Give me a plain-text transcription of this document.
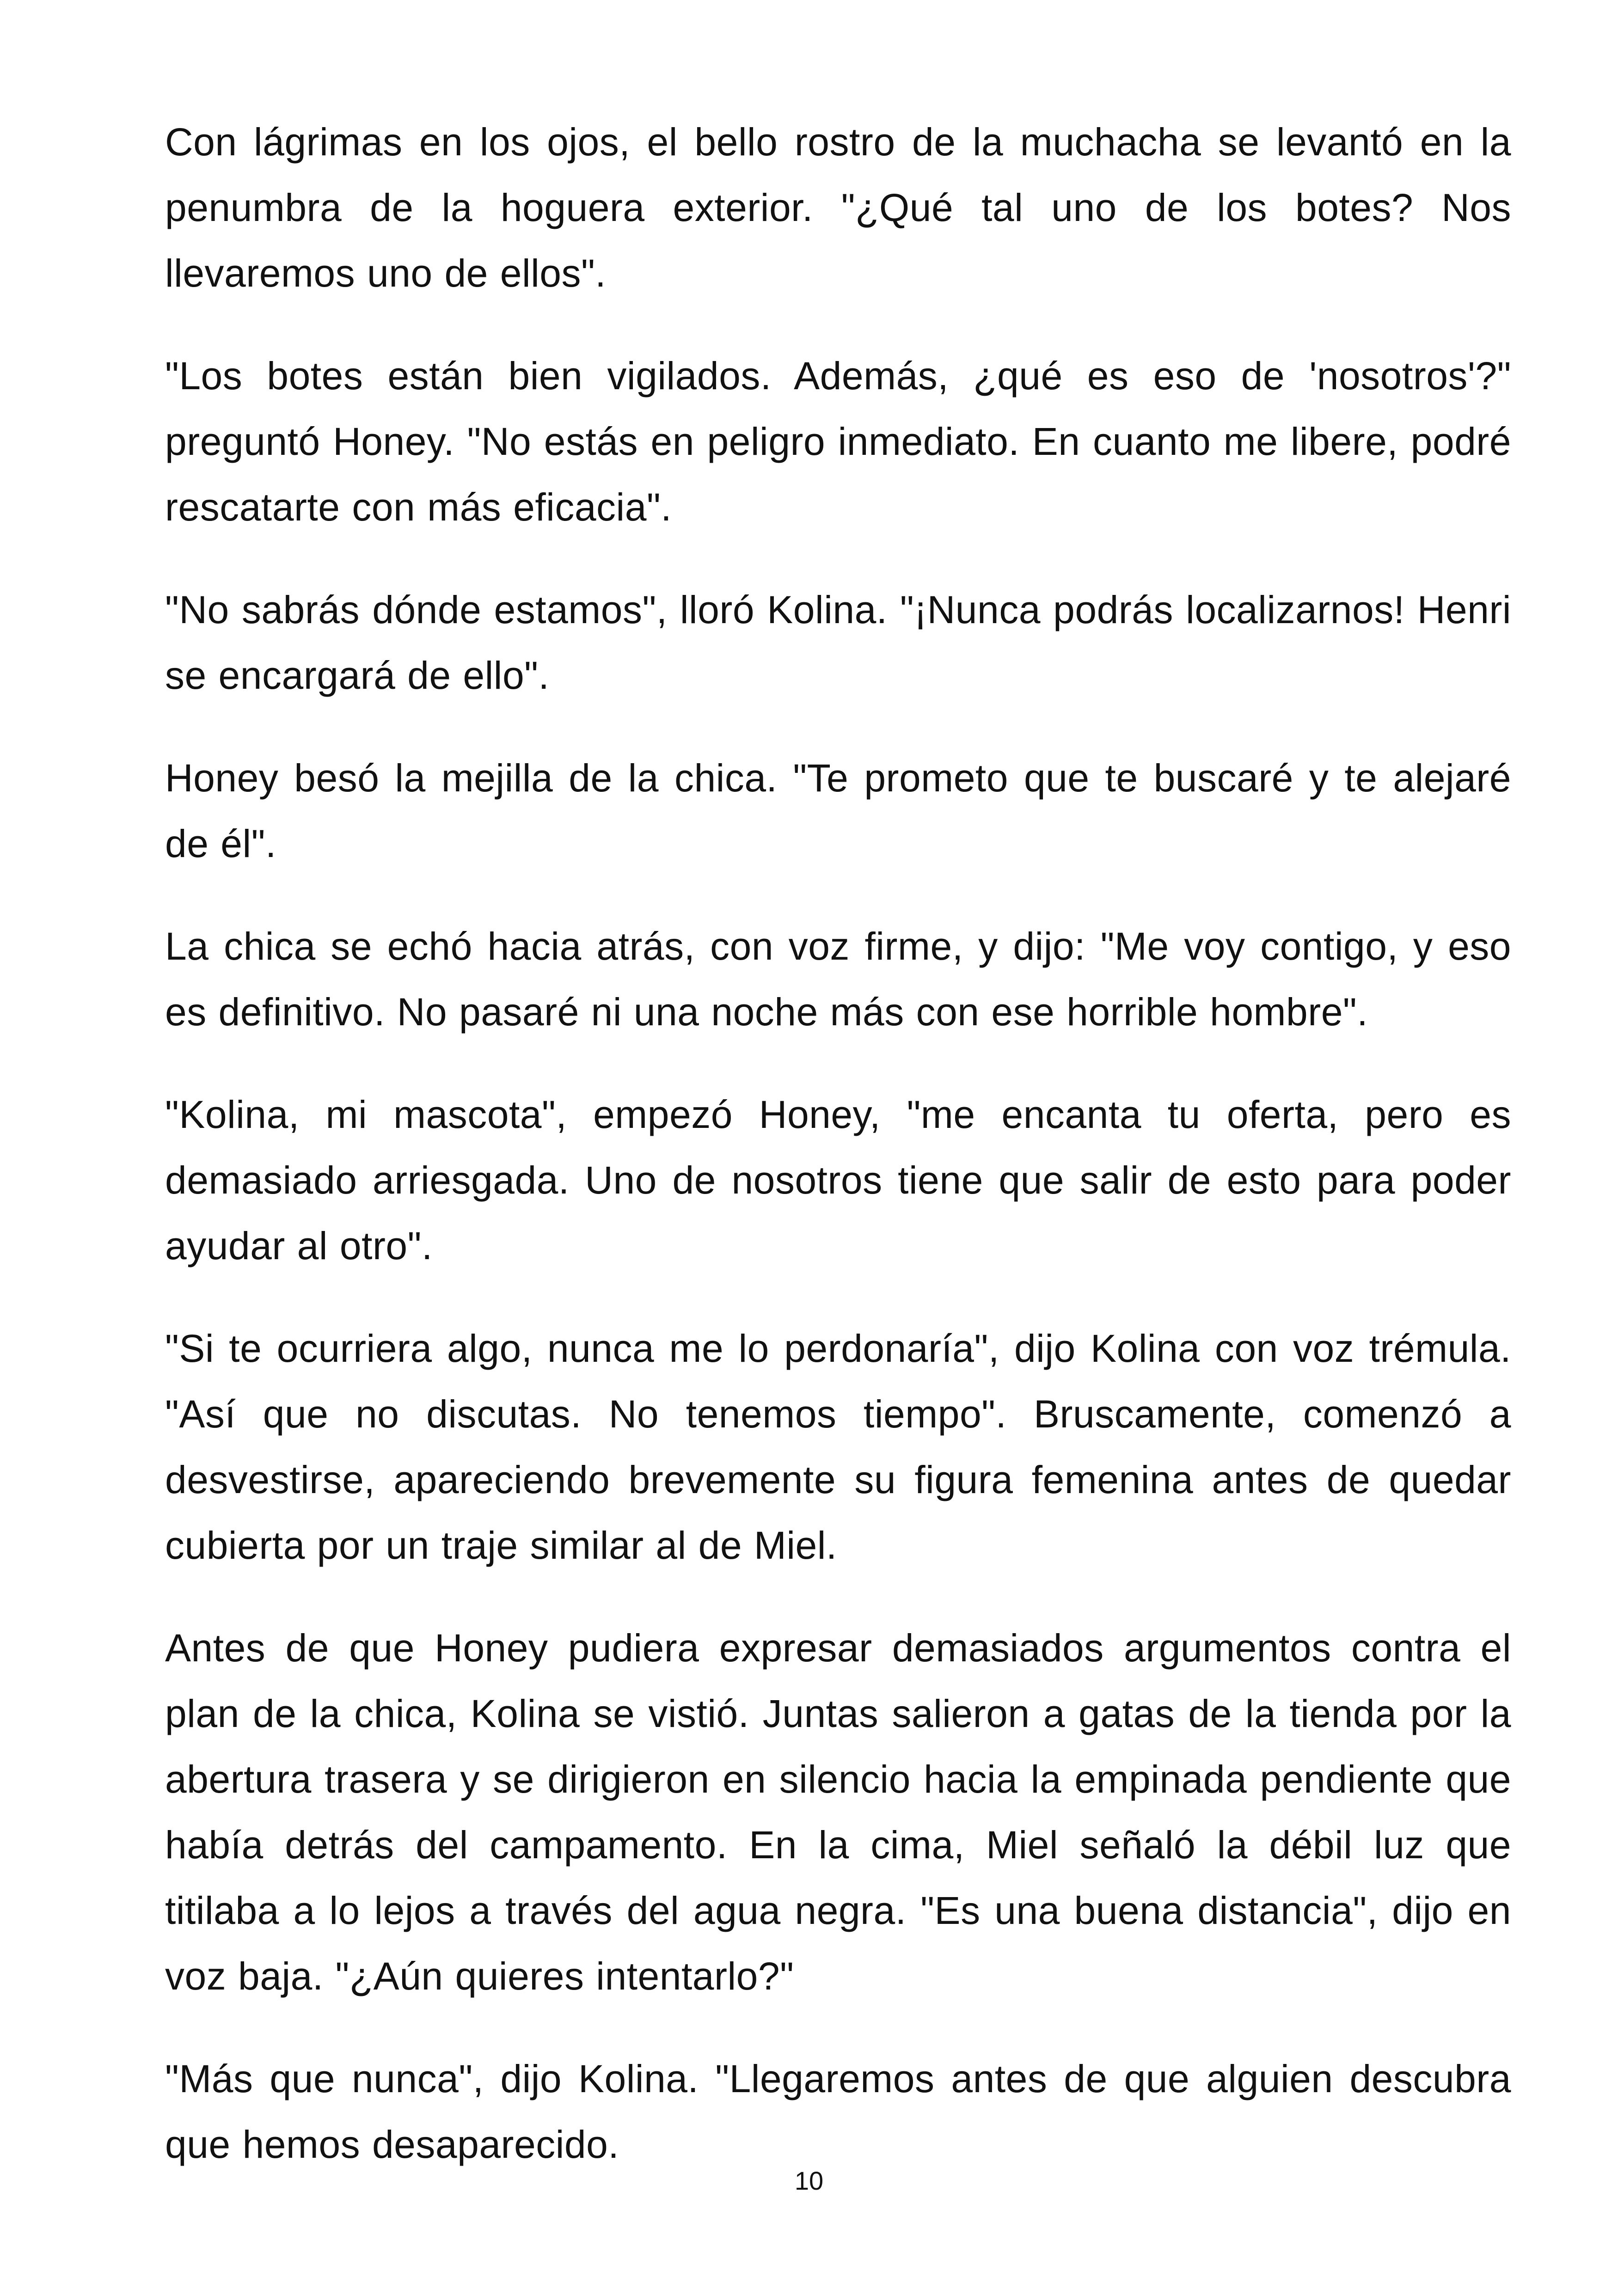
Con lágrimas en los ojos, el bello rostro de la muchacha se levantó en la penumbra de la hoguera exterior. "¿Qué tal uno de los botes? Nos llevaremos uno de ellos".

"Los botes están bien vigilados. Además, ¿qué es eso de 'nosotros'?" preguntó Honey. "No estás en peligro inmediato. En cuanto me libere, podré rescatarte con más eficacia".

"No sabrás dónde estamos", lloró Kolina. "¡Nunca podrás localizarnos! Henri se encargará de ello".

Honey besó la mejilla de la chica. "Te prometo que te buscaré y te alejaré de él".

La chica se echó hacia atrás, con voz firme, y dijo: "Me voy contigo, y eso es definitivo. No pasaré ni una noche más con ese horrible hombre".

"Kolina, mi mascota", empezó Honey, "me encanta tu oferta, pero es demasiado arriesgada. Uno de nosotros tiene que salir de esto para poder ayudar al otro".

"Si te ocurriera algo, nunca me lo perdonaría", dijo Kolina con voz trémula. "Así que no discutas. No tenemos tiempo". Bruscamente, comenzó a desvestirse, apareciendo brevemente su figura femenina antes de quedar cubierta por un traje similar al de Miel.

Antes de que Honey pudiera expresar demasiados argumentos contra el plan de la chica, Kolina se vistió. Juntas salieron a gatas de la tienda por la abertura trasera y se dirigieron en silencio hacia la empinada pendiente que había detrás del campamento. En la cima, Miel señaló la débil luz que titilaba a lo lejos a través del agua negra. "Es una buena distancia", dijo en voz baja. "¿Aún quieres intentarlo?"

"Más que nunca", dijo Kolina. "Llegaremos antes de que alguien descubra que hemos desaparecido.

10
